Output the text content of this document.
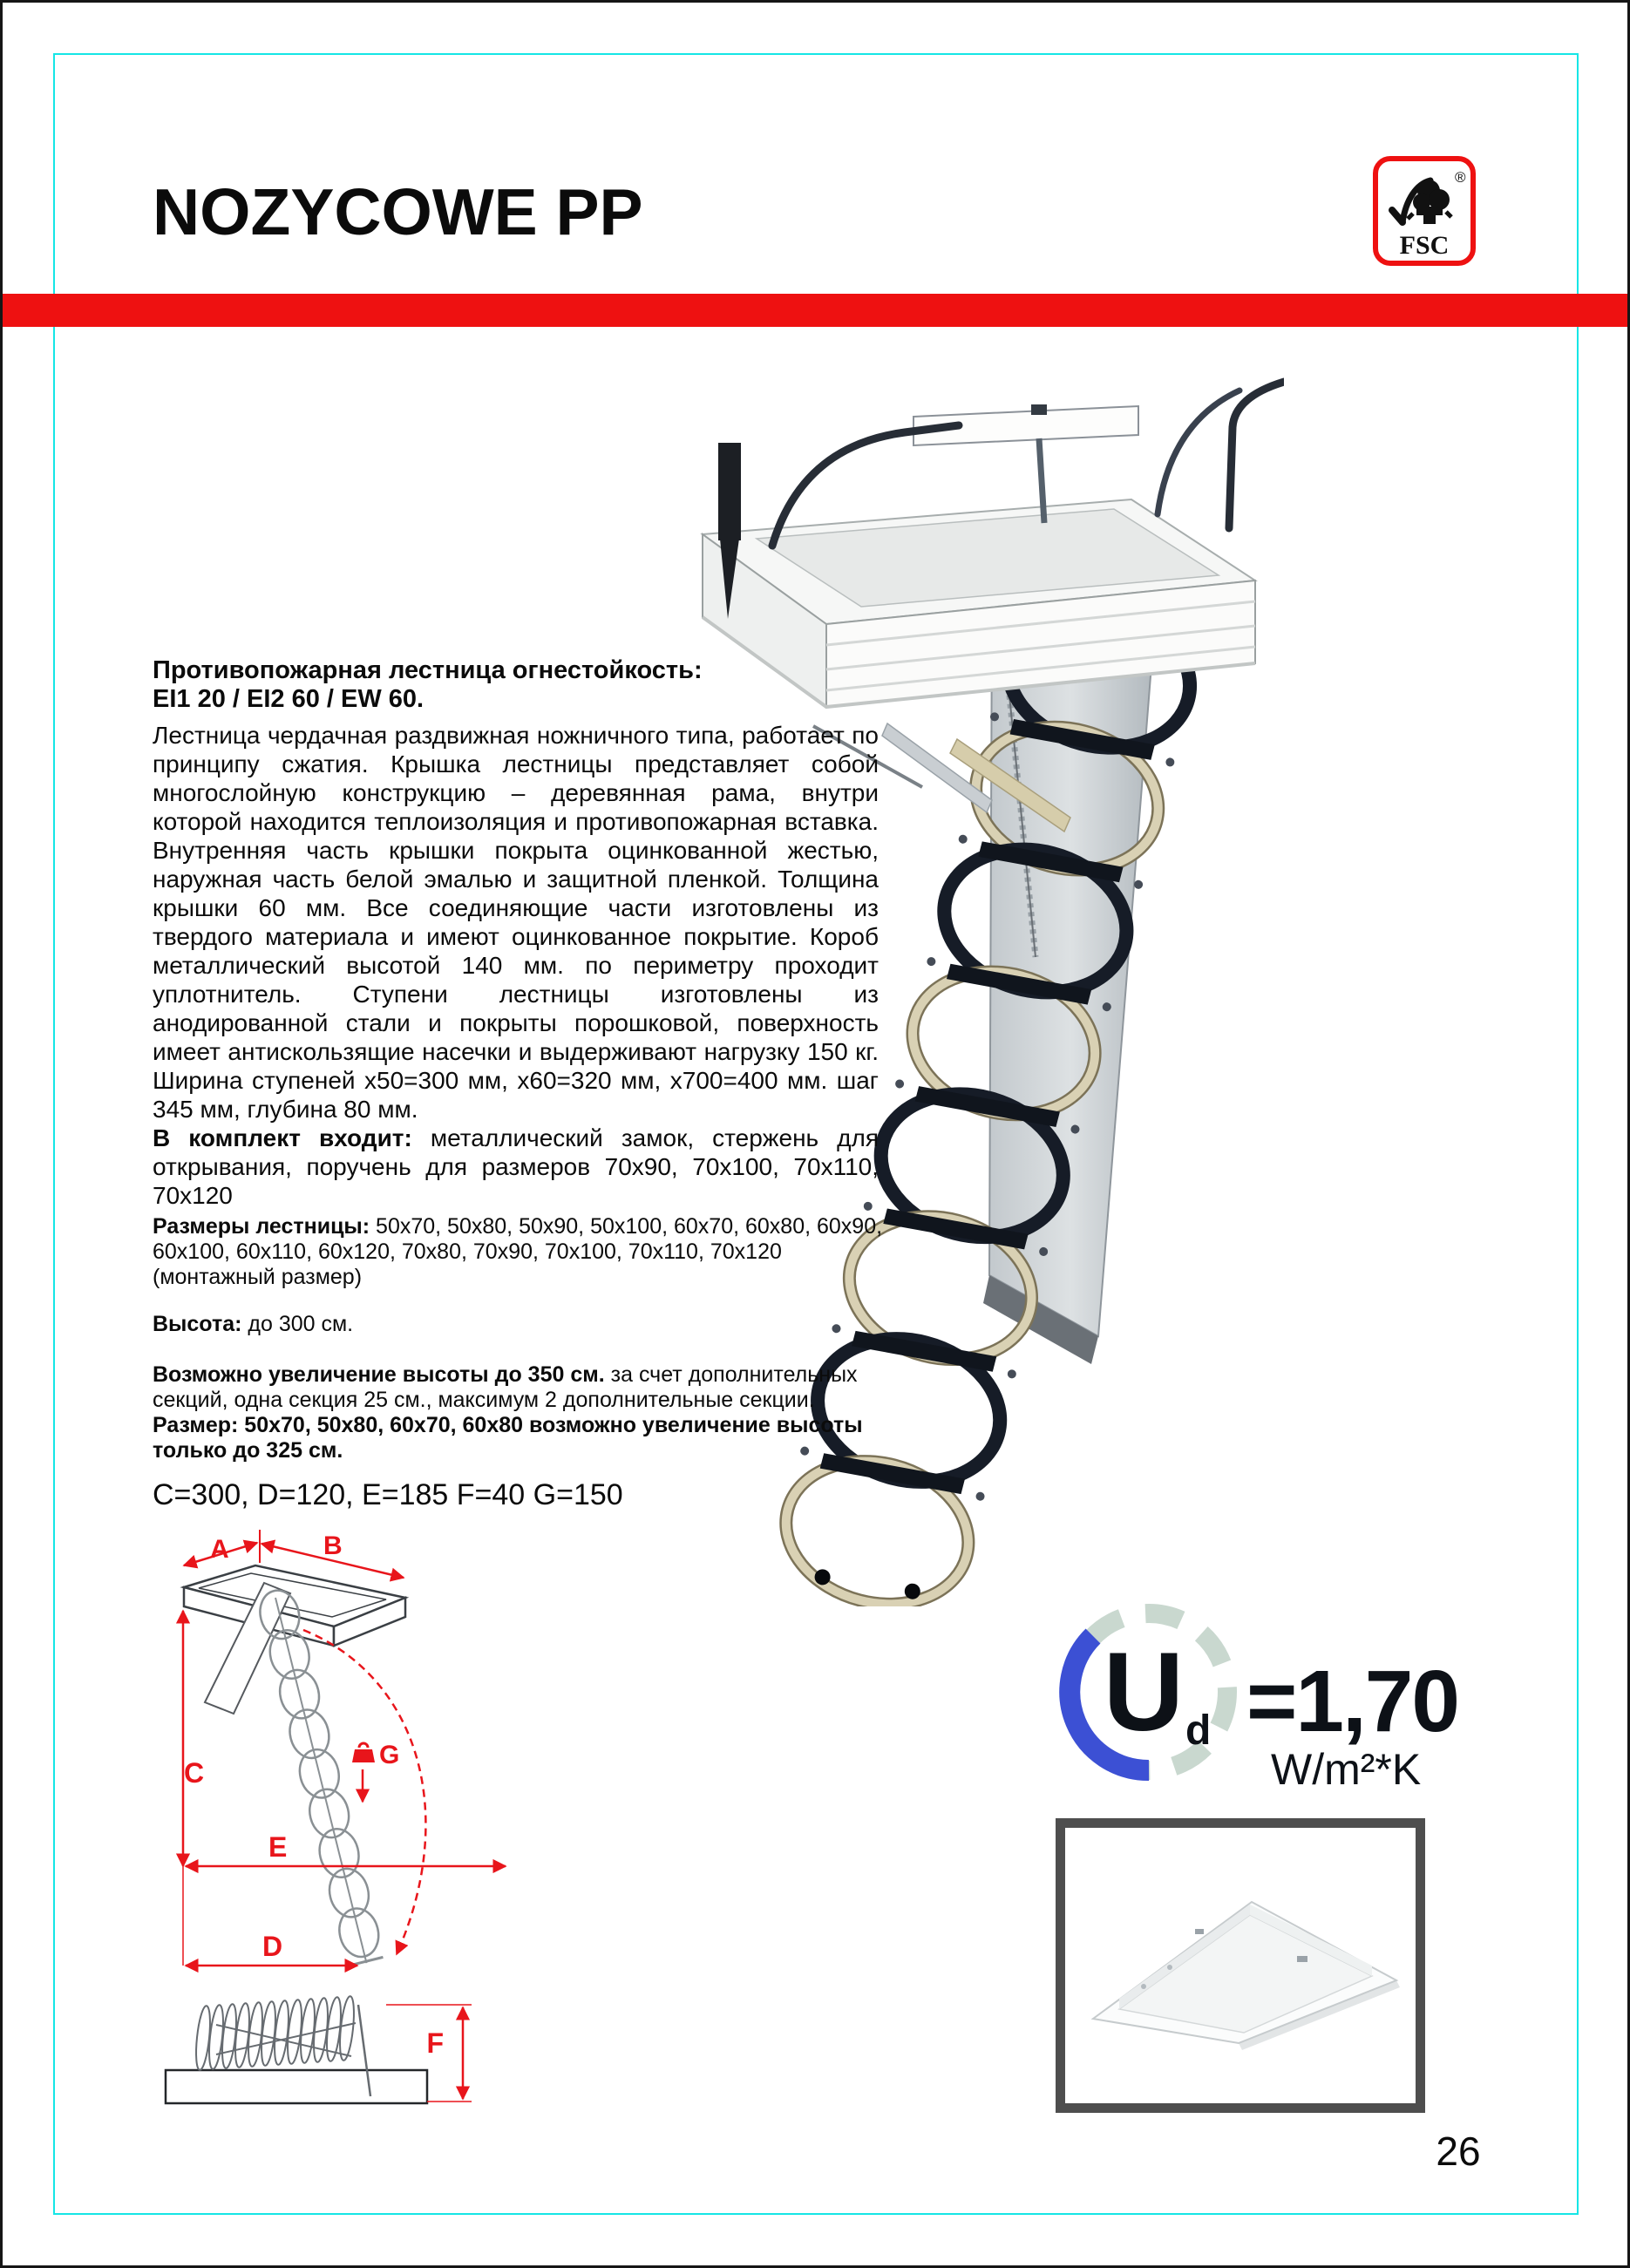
NOZYCOWE PP	®
FSC

Противопожарная лестница огнестойкость:
EI1 20 / EI2 60 / EW 60.

Лестница чердачная раздвижная ножничного типа, работает по принципу сжатия. Крышка лестницы представляет собой многослойную конструкцию – деревянная рама, внутри которой находится теплоизоляция и противопожарная вставка. Внутренняя часть крышки покрыта оцинкованной жестью, наружная часть белой эмалью и защитной пленкой. Толщина крышки 60 мм. Все соединяющие части изготовлены из твердого материала и имеют оцинкованное покрытие. Короб металлический высотой 140 мм. по периметру проходит уплотнитель. Ступени лестницы изготовлены из анодированной стали и покрыты порошковой, поверхность имеет антискользящие насечки и выдерживают нагрузку 150 кг. Ширина ступеней x50=300 мм, x60=320 мм, x700=400 мм. шаг 345 мм, глубина 80 мм.

В комплект входит: металлический замок, стержень для открывания, поручень для размеров 70x90, 70x100, 70x110, 70x120

Размеры лестницы: 50x70, 50x80, 50x90, 50x100, 60x70, 60x80, 60x90, 60x100, 60x110, 60x120, 70x80, 70x90, 70x100, 70x110, 70x120
(монтажный размер)
Высота: до 300 см.
Возможно увеличение высоты до 350 см. за счет дополнительных секций, одна секция 25 см., максимум 2 дополнительные секции.
Размер: 50x70, 50x80, 60x70, 60x80 возможно увеличение высоты только до 325 см.
C=300, D=120, E=185 F=40 G=150
A	B
C
E
D
G
F
U d =1,70
W/m²*K
26
